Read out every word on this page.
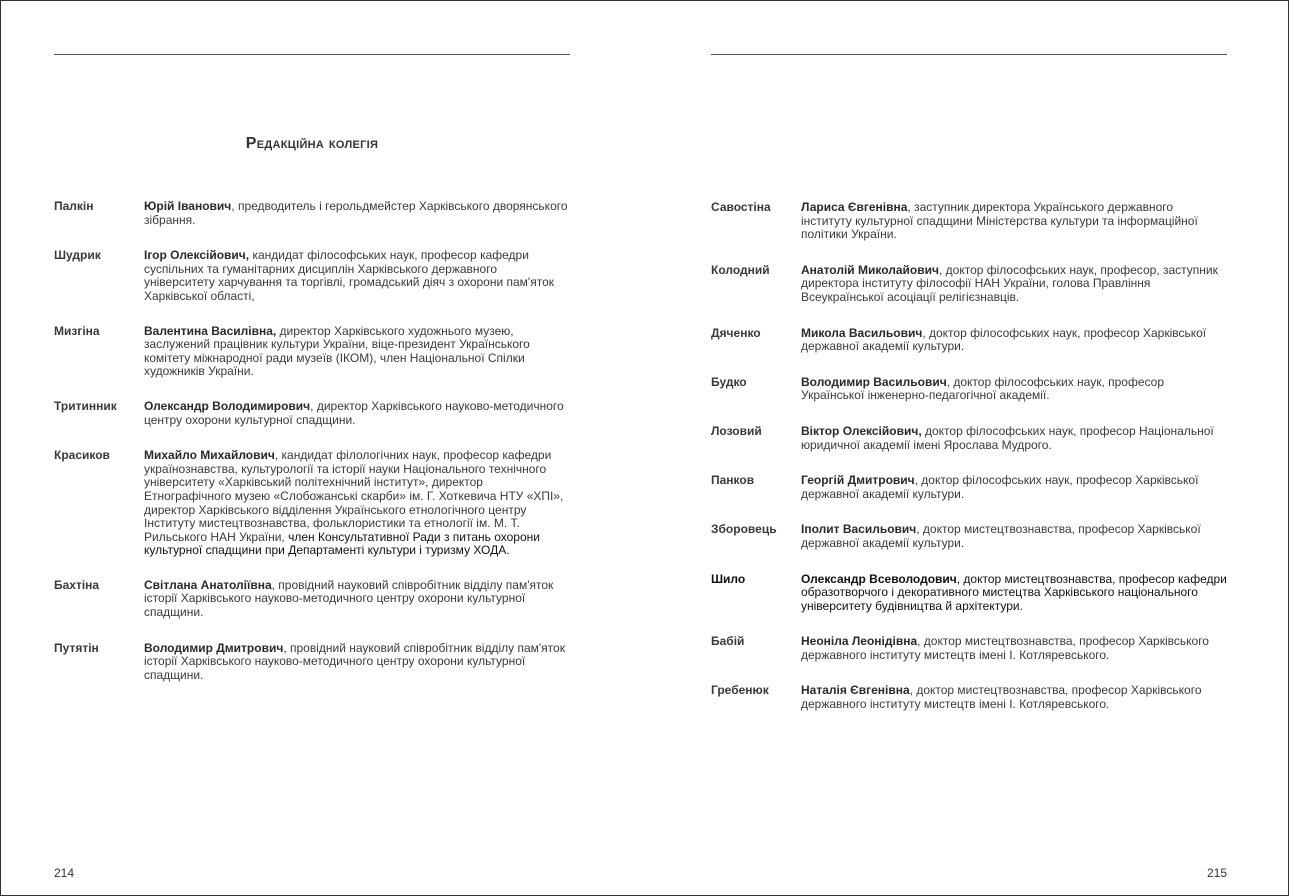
Редакційна колегія
Палкін	Юрій Іванович, предводитель і герольдмейстер Харківського дворянського зібрання.
Шудрик	Ігор Олексійович, кандидат філософських наук, професор кафедри суспільних та гуманітарних дисциплін Харківського державного університету харчування та торгівлі, громадський діяч з охорони пам'яток Харківської області,
Мизгіна	Валентина Василівна, директор Харківського художнього музею, заслужений працівник культури України, віце-президент Українського комітету міжнародної ради музеїв (ІКОМ), член Національної Спілки художників України.
Тритинник	Олександр Володимирович, директор Харківського науково-методичного центру охорони культурної спадщини.
Красиков	Михайло Михайлович, кандидат філологічних наук, професор кафедри українознавства, культурології та історії науки Національного технічного університету «Харківський політехнічний інститут», директор Етнографічного музею «Слобожанські скарби» ім. Г. Хоткевича НТУ «ХПІ», директор Харківського відділення Українського етнологічного центру Інституту мистецтвознавства, фольклористики та етнології ім. М. Т. Рильського НАН України, член Консультативної Ради з питань охорони культурної спадщини при Департаменті культури і туризму ХОДА.
Бахтіна	Світлана Анатоліївна, провідний науковий співробітник відділу пам'яток історії Харківського науково-методичного центру охорони культурної спадщини.
Путятін	Володимир Дмитрович, провідний науковий співробітник відділу пам'яток історії Харківського науково-методичного центру охорони культурної спадщини.
214
Савостіна	Лариса Євгенівна, заступник директора Українського державного інституту культурної спадщини Міністерства культури та інформаційної політики України.
Колодний	Анатолій Миколайович, доктор філософських наук, професор, заступник директора інституту філософії НАН України, голова Правління Всеукраїнської асоціації релігієзнавців.
Дяченко	Микола Васильович, доктор філософських наук, професор Харківської державної академії культури.
Будко	Володимир Васильович, доктор філософських наук, професор Української інженерно-педагогічної академії.
Лозовий	Віктор Олексійович, доктор філософських наук, професор Національної юридичної академії імені Ярослава Мудрого.
Панков	Георгій Дмитрович, доктор філософських наук, професор Харківської державної академії культури.
Зборовець	Іполит Васильович, доктор мистецтвознавства, професор Харківської державної академії культури.
Шило	Олександр Всеволодович, доктор мистецтвознавства, професор кафедри образотворчого і декоративного мистецтва Харківського національного університету будівництва й архітектури.
Бабій	Неоніла Леонідівна, доктор мистецтвознавства, професор Харківського державного інституту мистецтв імені І. Котляревського.
Гребенюк	Наталія Євгенівна, доктор мистецтвознавства, професор Харківського державного інституту мистецтв імені І. Котляревського.
215
